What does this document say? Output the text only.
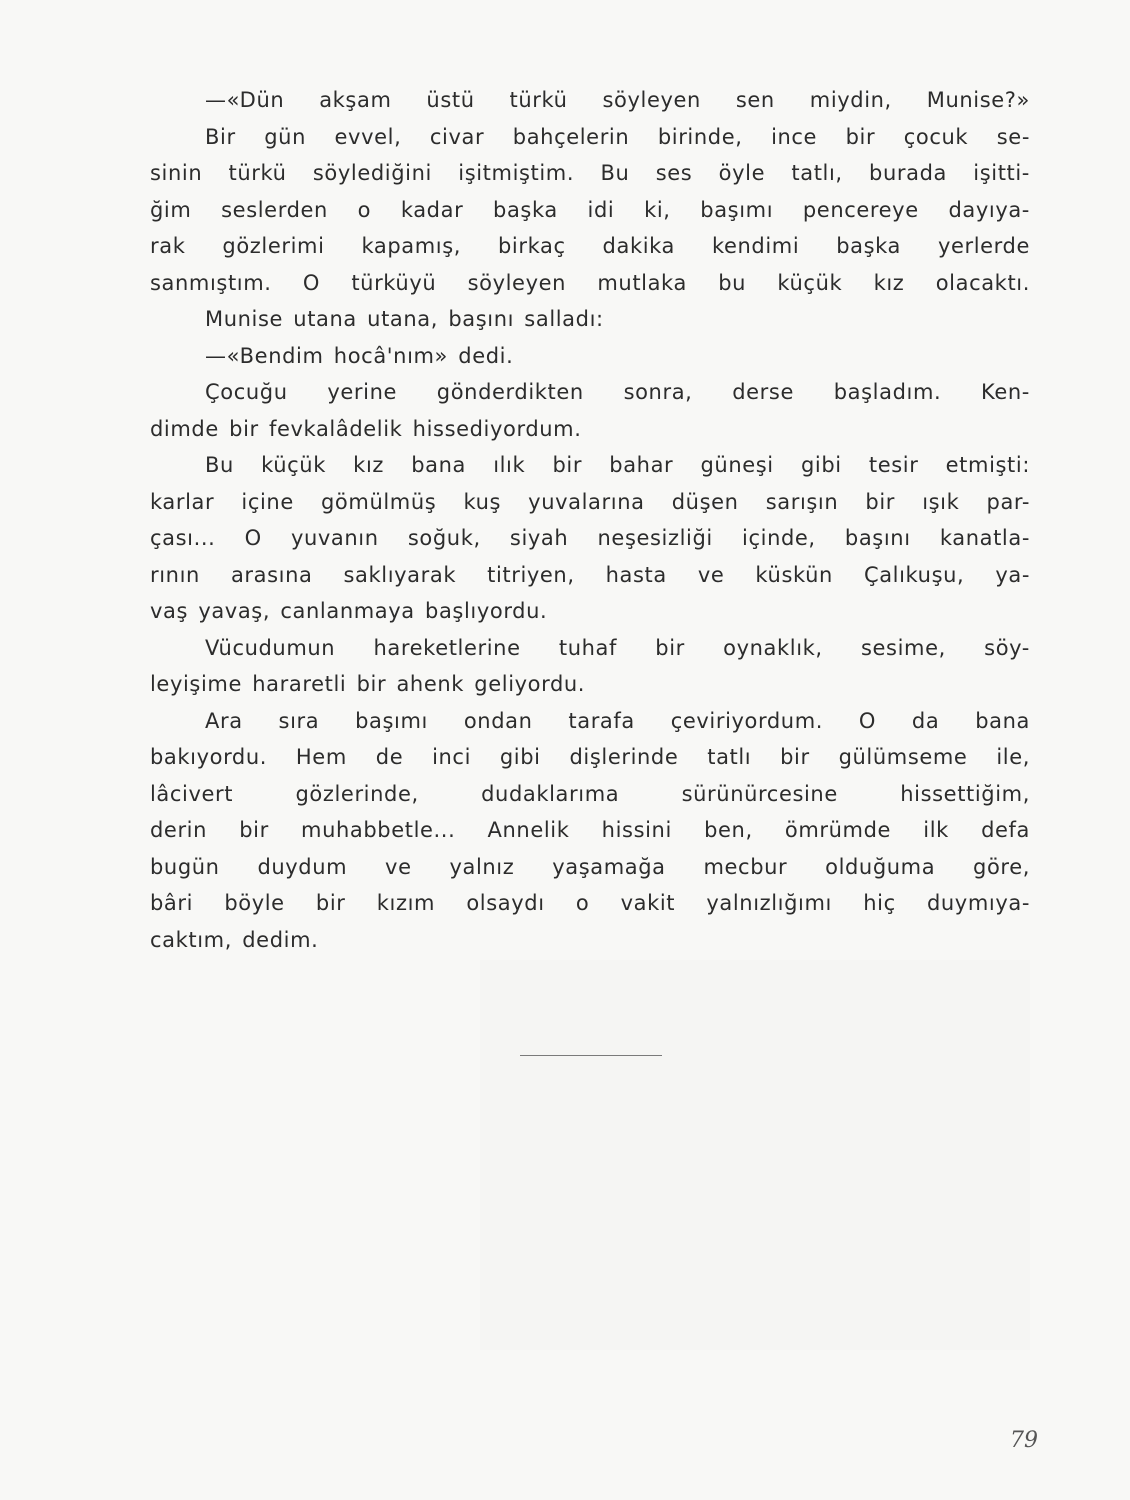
—«Dün akşam üstü türkü söyleyen sen miydin, Munise?»
Bir gün evvel, civar bahçelerin birinde, ince bir çocuk se-
sinin türkü söylediğini işitmiştim. Bu ses öyle tatlı, burada işitti-
ğim seslerden o kadar başka idi ki, başımı pencereye dayıya-
rak gözlerimi kapamış, birkaç dakika kendimi başka yerlerde
sanmıştım. O türküyü söyleyen mutlaka bu küçük kız olacaktı.
Munise utana utana, başını salladı:
—«Bendim hocâ'nım» dedi.
Çocuğu yerine gönderdikten sonra, derse başladım. Ken-
dimde bir fevkalâdelik hissediyordum.
Bu küçük kız bana ılık bir bahar güneşi gibi tesir etmişti:
karlar içine gömülmüş kuş yuvalarına düşen sarışın bir ışık par-
çası... O yuvanın soğuk, siyah neşesizliği içinde, başını kanatla-
rının arasına saklıyarak titriyen, hasta ve küskün Çalıkuşu, ya-
vaş yavaş, canlanmaya başlıyordu.
Vücudumun hareketlerine tuhaf bir oynaklık, sesime, söy-
leyişime hararetli bir ahenk geliyordu.
Ara sıra başımı ondan tarafa çeviriyordum. O da bana
bakıyordu. Hem de inci gibi dişlerinde tatlı bir gülümseme ile,
lâcivert gözlerinde, dudaklarıma sürünürcesine hissettiğim,
derin bir muhabbetle... Annelik hissini ben, ömrümde ilk defa
bugün duydum ve yalnız yaşamağa mecbur olduğuma göre,
bâri böyle bir kızım olsaydı o vakit yalnızlığımı hiç duymıya-
caktım, dedim.
79
